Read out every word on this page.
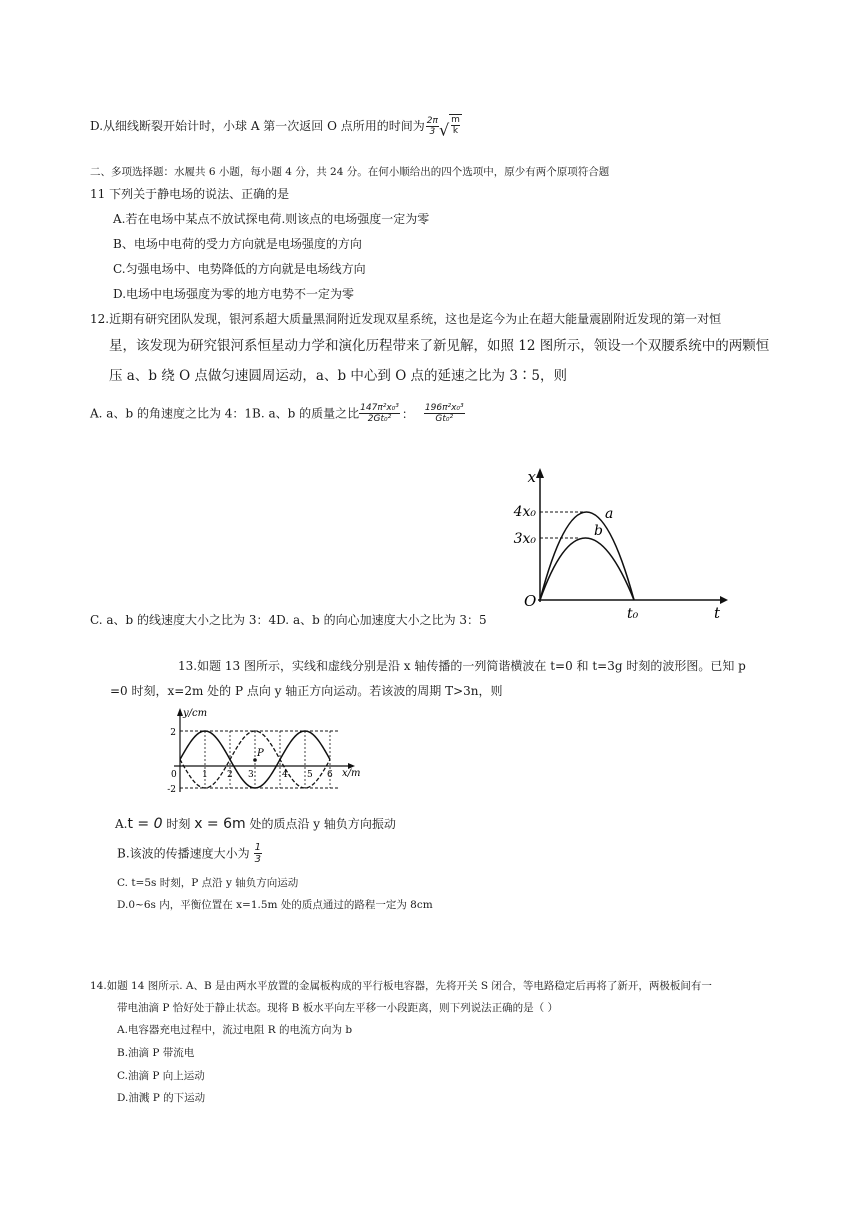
D.从细线断裂开始计时，小球 A 第一次返回 O 点所用的时间为 $\frac{2\pi}{3}$ √ $\frac{m}{k}$
二、多项选择题：水履共 6 小题，每小题 4 分，共 24 分。在何小顺给出的四个选项中，原少有两个原项符合题
11 下列关于静电场的说法、正确的是
A.若在电场中某点不放试探电荷.则该点的电场强度一定为零
B、电场中电荷的受力方向就是电场强度的方向
C.匀强电场中、电势降低的方向就是电场线方向
D.电场中电场强度为零的地方电势不一定为零
12.近期有研究团队发现，银河系超大质量黑洞附近发现双星系统，这也是迄今为止在超大能量震剧附近发现的第一对恒
星，该发现为研究银河系恒星动力学和演化历程带来了新见解，如照 12 图所示，领设一个双腰系统中的两颗恒
压 a、b 绕 O 点做匀速圆周运动，a、b 中心到 O 点的延速之比为 3∶5，则
A. a、b 的角速度之比为 4：1B. a、b 的质量之比 $\frac{\text{147π²x₀³}}{\text{2Gt₀²}}$ ： $\frac{\text{196π²x₀³}}{\text{Gt₀²}}$
x
t
O
4x₀
3x₀
t₀
a
b
C. a、b 的线速度大小之比为 3：4D. a、b 的向心加速度大小之比为 3：5
13.如题 13 图所示，实线和虚线分别是沿 x 轴传播的一列简谐横波在 t=0 和 t=3g 时刻的波形图。已知 p
=0 时刻，x=2m 处的 P 点向 y 轴正方向运动。若该波的周期 T>3n，则
P
y/cm
x/m
2
-2
0	1 2 3	4 5 6
A.t = 0 时刻 x = 6m 处的质点沿 y 轴负方向振动
B.该波的传播速度大小为 $\frac{1}{3}$
C. t=5s 时刻，P 点沿 y 轴负方向运动
D.0~6s 内，平衡位置在 x=1.5m 处的质点通过的路程一定为 8cm
14.如题 14 图所示. A、B 是由两水平放置的金属板构成的平行板电容器，先将开关 S 闭合，等电路稳定后再将了新开，两极板间有一
带电油滴 P 恰好处于静止状态。现将 B 板水平向左平移一小段距离，则下列说法正确的是（ ）
A.电容器充电过程中，流过电阻 R 的电流方向为 b
B.油滴 P 带流电
C.油滴 P 向上运动
D.油溅 P 的下运动
